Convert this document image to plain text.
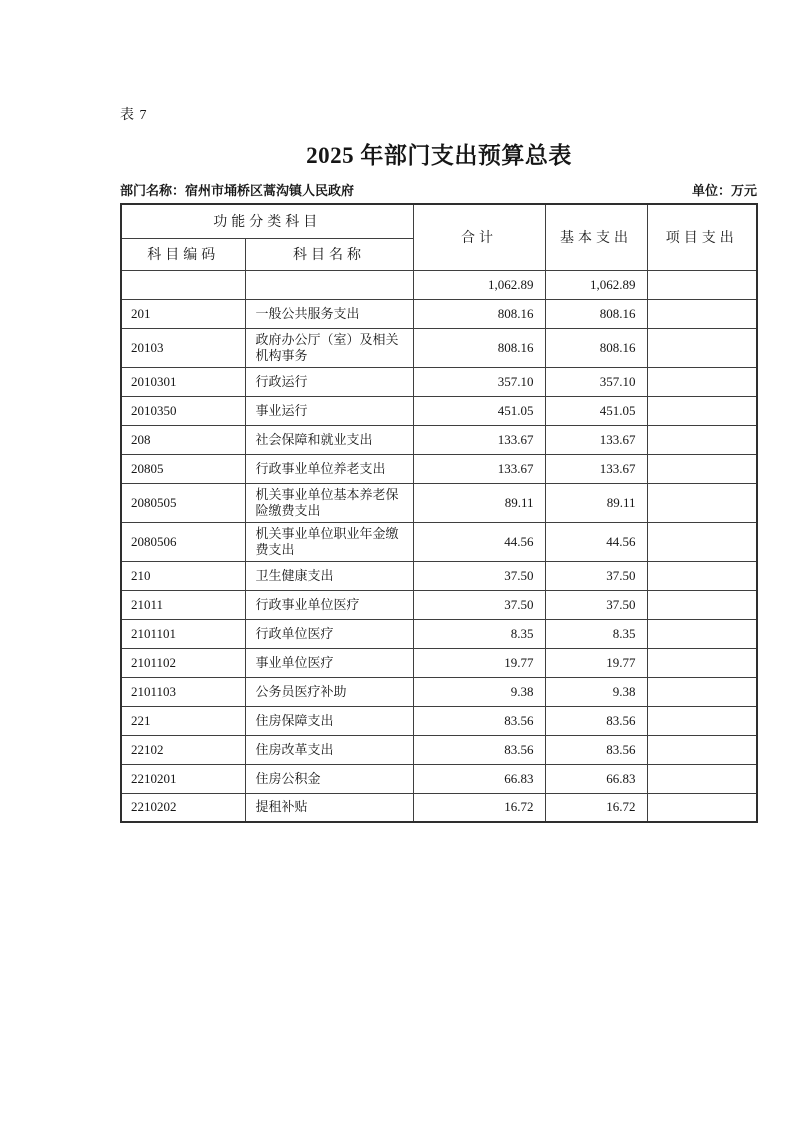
表 7
2025 年部门支出预算总表
部门名称：宿州市埇桥区蒿沟镇人民政府	单位：万元
功能分类科目		合计	基本支出	项目支出
科目编码	科目名称			
		1,062.89	1,062.89	
201	一般公共服务支出	808.16	808.16	
20103	政府办公厅（室）及相关机构事务	808.16	808.16	
2010301	行政运行	357.10	357.10	
2010350	事业运行	451.05	451.05	
208	社会保障和就业支出	133.67	133.67	
20805	行政事业单位养老支出	133.67	133.67	
2080505	机关事业单位基本养老保险缴费支出	89.11	89.11	
2080506	机关事业单位职业年金缴费支出	44.56	44.56	
210	卫生健康支出	37.50	37.50	
21011	行政事业单位医疗	37.50	37.50	
2101101	行政单位医疗	8.35	8.35	
2101102	事业单位医疗	19.77	19.77	
2101103	公务员医疗补助	9.38	9.38	
221	住房保障支出	83.56	83.56	
22102	住房改革支出	83.56	83.56	
2210201	住房公积金	66.83	66.83	
2210202	提租补贴	16.72	16.72	
